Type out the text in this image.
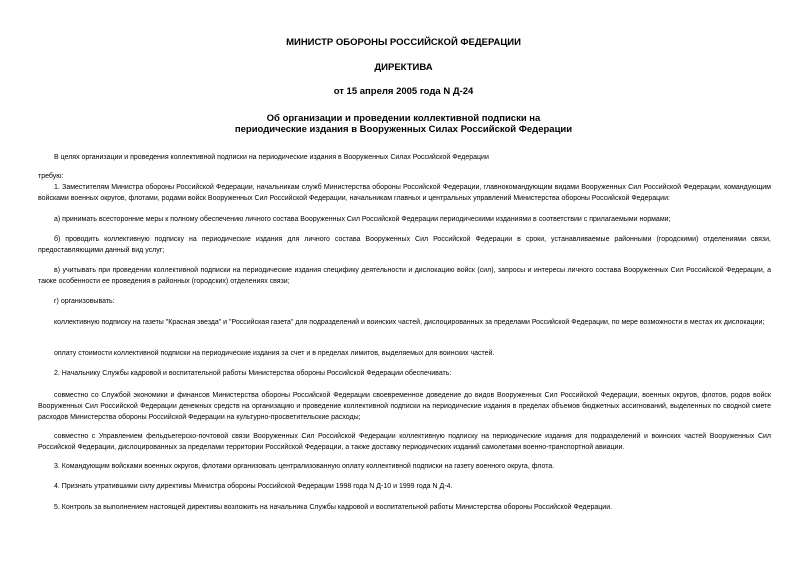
МИНИСТР ОБОРОНЫ РОССИЙСКОЙ ФЕДЕРАЦИИ
ДИРЕКТИВА
от 15 апреля 2005 года N Д-24
Об организации и проведении коллективной подписки на
периодические издания в Вооруженных Силах Российской Федерации
В целях организации и проведения коллективной подписки на периодические издания в Вооруженных Силах Российской Федерации
требую:
1. Заместителям Министра обороны Российской Федерации, начальникам служб Министерства обороны Российской Федерации, главнокомандующим видами Вооруженных Сил Российской Федерации, командующим войсками военных округов, флотами, родами войск Вооруженных Сил Российской Федерации, начальникам главных и центральных управлений Министерства обороны Российской Федерации:
а) принимать всесторонние меры к полному обеспечению личного состава Вооруженных Сил Российской Федерации периодическими изданиями в соответствии с прилагаемыми нормами;
б) проводить коллективную подписку на периодические издания для личного состава Вооруженных Сил Российской Федерации в сроки, устанавливаемые районными (городскими) отделениями связи, предоставляющими данный вид услуг;
в) учитывать при проведении коллективной подписки на периодические издания специфику деятельности и дислокацию войск (сил), запросы и интересы личного состава Вооруженных Сил Российской Федерации, а также особенности ее проведения в районных (городских) отделениях связи;
г) организовывать:
коллективную подписку на газеты "Красная звезда" и "Российская газета" для подразделений и воинских частей, дислоцированных за пределами Российской Федерации, по мере возможности в местах их дислокации;
оплату стоимости коллективной подписки на периодические издания за счет и в пределах лимитов, выделяемых для воинских частей.
2. Начальнику Службы кадровой и воспитательной работы Министерства обороны Российской Федерации обеспечивать:
совместно со Службой экономики и финансов Министерства обороны Российской Федерации своевременное доведение до видов Вооруженных Сил Российской Федерации, военных округов, флотов, родов войск Вооруженных Сил Российской Федерации денежных средств на организацию и проведение коллективной подписки на периодические издания в пределах объемов бюджетных ассигнований, выделенных по сводной смете расходов Министерства обороны Российской Федерации на культурно-просветительские расходы;
совместно с Управлением фельдъегерско-почтовой связи Вооруженных Сил Российской Федерации коллективную подписку на периодические издания для подразделений и воинских частей Вооруженных Сил Российской Федерации, дислоцированных за пределами территории Российской Федерации, а также доставку периодических изданий самолетами военно-транспортной авиации.
3. Командующим войсками военных округов, флотами организовать централизованную оплату коллективной подписки на газету военного округа, флота.
4. Признать утратившими силу директивы Министра обороны Российской Федерации 1998 года N Д-10 и 1999 года N Д-4.
5. Контроль за выполнением настоящей директивы возложить на начальника Службы кадровой и воспитательной работы Министерства обороны Российской Федерации.
